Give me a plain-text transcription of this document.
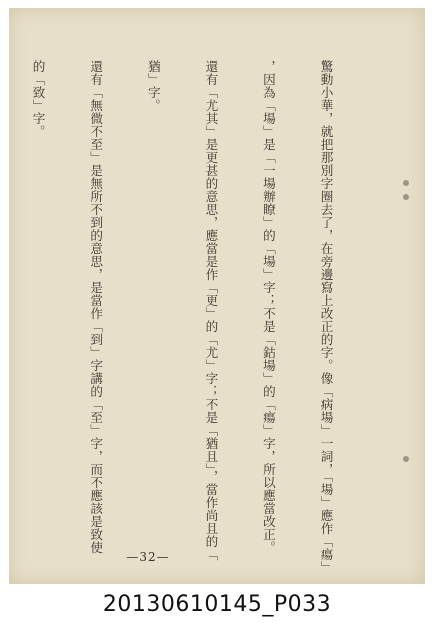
驚動小華，就把那別字圈去了，在旁邊寫上改正的字。像「病場」一詞，「場」應作「瘍」

，因為「場」是「一場辦瞭」的「場」字；不是「鈷場」的「瘍」字，所以應當改正。

還有「尤其」是更甚的意思，應當是作「更」的「尤」字；不是「猶且」，當作尚且的「

猶」字。

還有「無微不至」是無所不到的意思，是當作「到」字講的「至」字，而不應該是致使

的「致」字。

—32—
20130610145_P033
